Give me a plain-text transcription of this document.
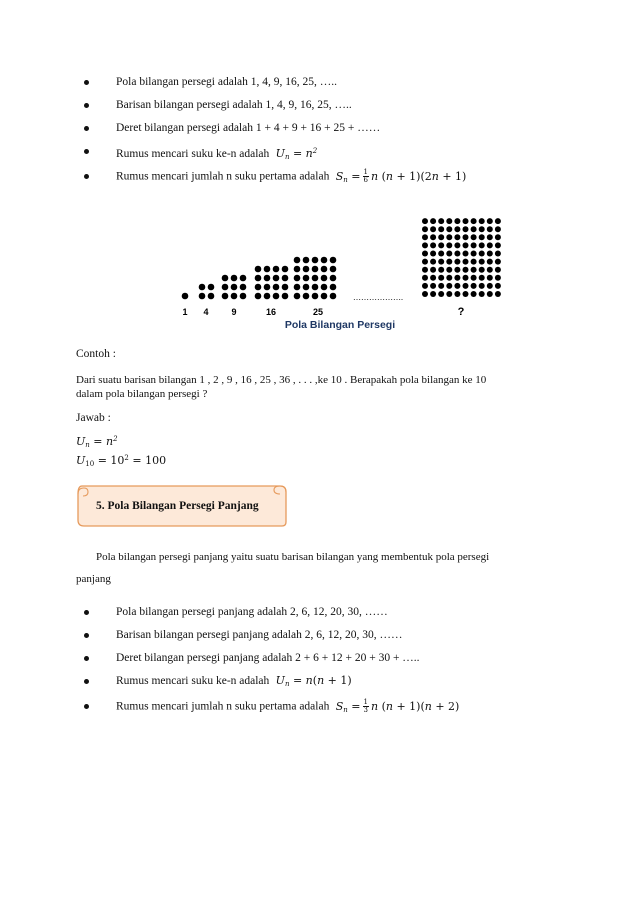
Pola bilangan persegi adalah 1, 4, 9, 16, 25, …..
Barisan bilangan persegi adalah 1, 4, 9, 16, 25, …..
Deret bilangan persegi adalah 1 + 4 + 9 + 16 + 25 + ……
Rumus mencari suku ke-n adalah  $U_n = n^2$
Rumus mencari jumlah n suku pertama adalah  $S_n = \frac{1}{6}$ n (n + 1)(2n + 1)
1 4	9	16	25
……………….
?
Pola Bilangan Persegi
Contoh :
Dari suatu barisan bilangan 1 , 2 , 9 , 16 , 25 , 36 , . . . ,ke 10 . Berapakah pola bilangan ke 10
dalam pola bilangan persegi ?
Jawab :
$U_n = n^2$
$U_{10} = 10^2 = 100$
5. Pola Bilangan Persegi Panjang
Pola bilangan persegi panjang yaitu suatu barisan bilangan yang membentuk pola persegi
panjang
Pola bilangan persegi panjang adalah 2, 6, 12, 20, 30, ……
Barisan bilangan persegi panjang adalah 2, 6, 12, 20, 30, ……
Deret bilangan persegi panjang adalah 2 + 6 + 12 + 20 + 30 + …..
Rumus mencari suku ke-n adalah  $U_n = n(n + 1)$
Rumus mencari jumlah n suku pertama adalah  $S_n = \frac{1}{3}$ n (n + 1)(n + 2)
